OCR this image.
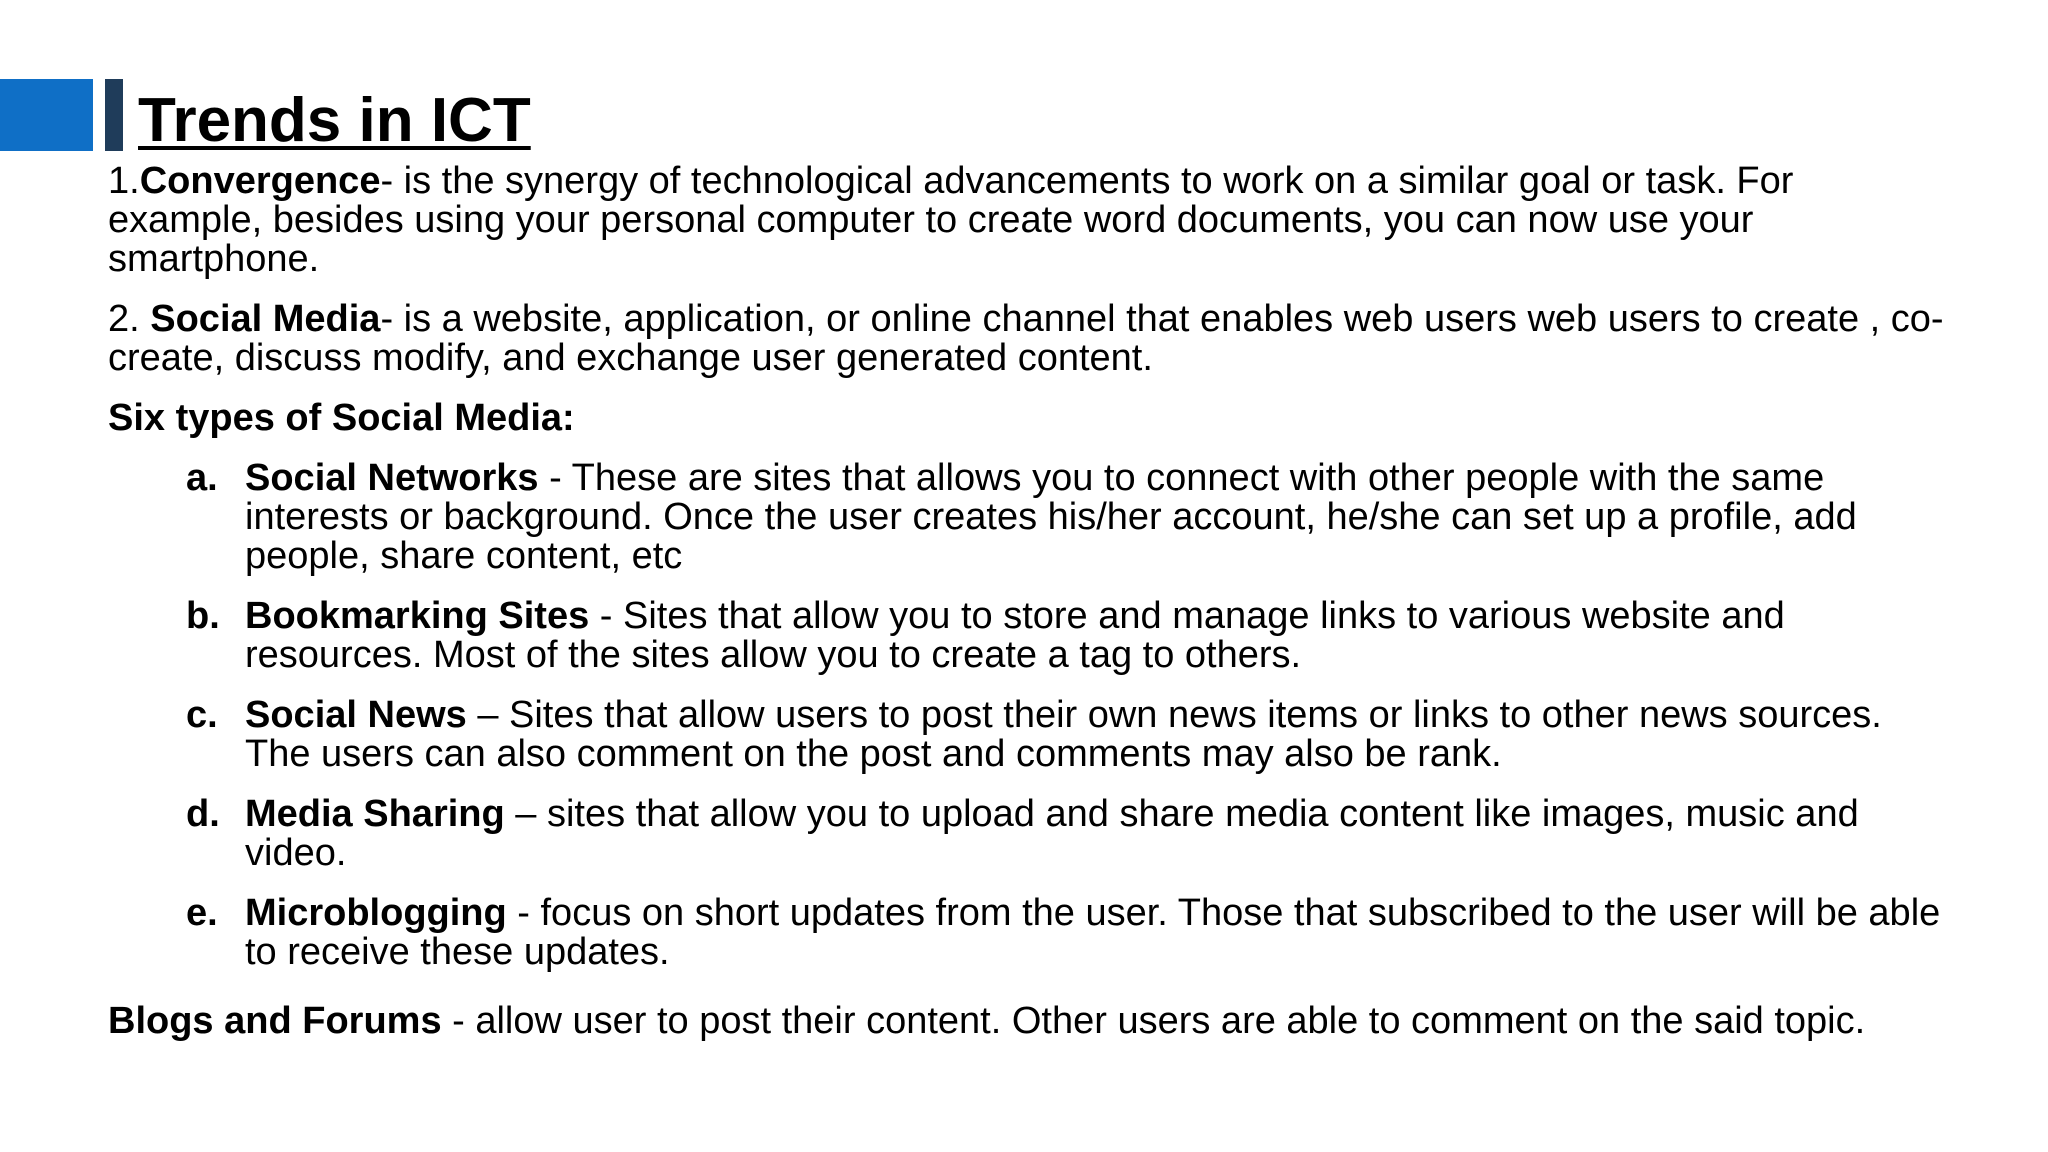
Trends in ICT

1.Convergence- is the synergy of technological advancements to work on a similar goal or task. For example, besides using your personal computer to create word documents, you can now use your smartphone.

2. Social Media- is a website, application, or online channel that enables web users web users to create , co-create, discuss modify, and exchange user generated content.

Six types of Social Media:

a. Social Networks - These are sites that allows you to connect with other people with the same interests or background. Once the user creates his/her account, he/she can set up a profile, add people, share content, etc
b. Bookmarking Sites - Sites that allow you to store and manage links to various website and resources. Most of the sites allow you to create a tag to others.
c. Social News – Sites that allow users to post their own news items or links to other news sources. The users can also comment on the post and comments may also be rank.
d. Media Sharing – sites that allow you to upload and share media content like images, music and video.
e. Microblogging - focus on short updates from the user. Those that subscribed to the user will be able to receive these updates.

Blogs and Forums - allow user to post their content. Other users are able to comment on the said topic.
